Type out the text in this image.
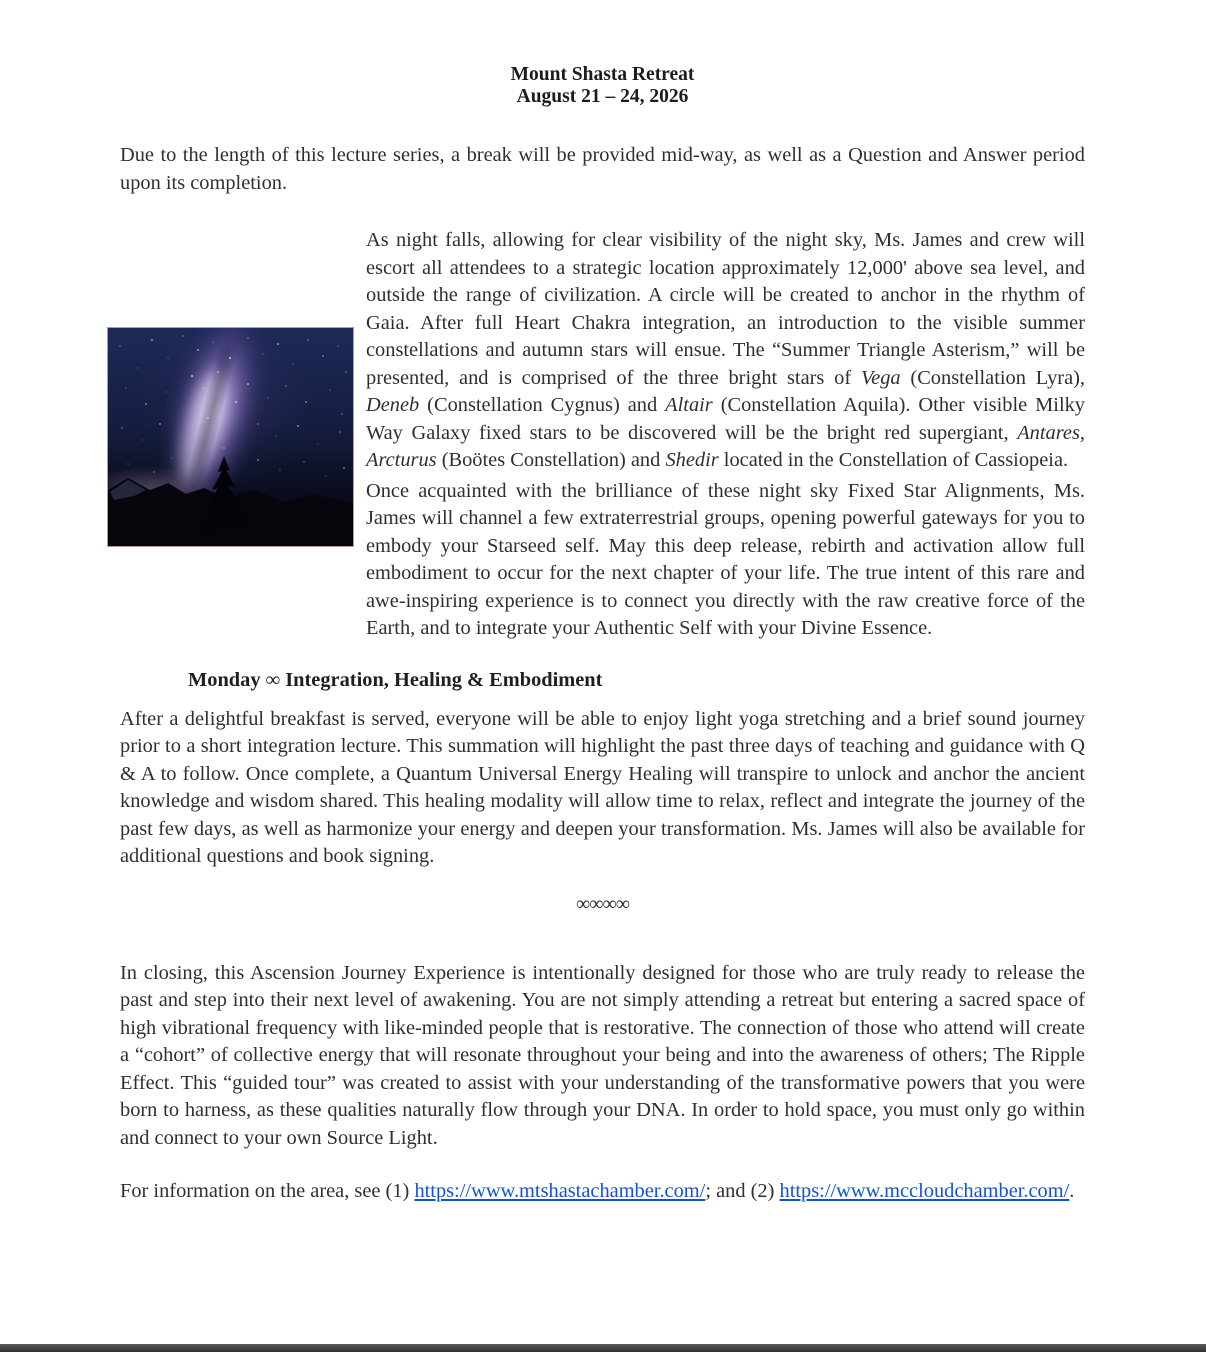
Mount Shasta Retreat
August 21 – 24, 2026

Due to the length of this lecture series, a break will be provided mid-way, as well as a Question and Answer period upon its completion.

As night falls, allowing for clear visibility of the night sky, Ms. James and crew will escort all attendees to a strategic location approximately 12,000' above sea level, and outside the range of civilization. A circle will be created to anchor in the rhythm of Gaia. After full Heart Chakra integration, an introduction to the visible summer constellations and autumn stars will ensue. The “Summer Triangle Asterism,” will be presented, and is comprised of the three bright stars of Vega (Constellation Lyra), Deneb (Constellation Cygnus) and Altair (Constellation Aquila). Other visible Milky Way Galaxy fixed stars to be discovered will be the bright red supergiant, Antares, Arcturus (Boötes Constellation) and Shedir located in the Constellation of Cassiopeia.

Once acquainted with the brilliance of these night sky Fixed Star Alignments, Ms. James will channel a few extraterrestrial groups, opening powerful gateways for you to embody your Starseed self. May this deep release, rebirth and activation allow full embodiment to occur for the next chapter of your life. The true intent of this rare and awe-inspiring experience is to connect you directly with the raw creative force of the Earth, and to integrate your Authentic Self with your Divine Essence.

Monday ∞ Integration, Healing & Embodiment

After a delightful breakfast is served, everyone will be able to enjoy light yoga stretching and a brief sound journey prior to a short integration lecture. This summation will highlight the past three days of teaching and guidance with Q & A to follow. Once complete, a Quantum Universal Energy Healing will transpire to unlock and anchor the ancient knowledge and wisdom shared. This healing modality will allow time to relax, reflect and integrate the journey of the past few days, as well as harmonize your energy and deepen your transformation. Ms. James will also be available for additional questions and book signing.

∞∞∞∞

In closing, this Ascension Journey Experience is intentionally designed for those who are truly ready to release the past and step into their next level of awakening. You are not simply attending a retreat but entering a sacred space of high vibrational frequency with like-minded people that is restorative. The connection of those who attend will create a “cohort” of collective energy that will resonate throughout your being and into the awareness of others; The Ripple Effect. This “guided tour” was created to assist with your understanding of the transformative powers that you were born to harness, as these qualities naturally flow through your DNA. In order to hold space, you must only go within and connect to your own Source Light.

For information on the area, see (1) https://www.mtshastachamber.com/; and (2) https://www.mccloudchamber.com/.
